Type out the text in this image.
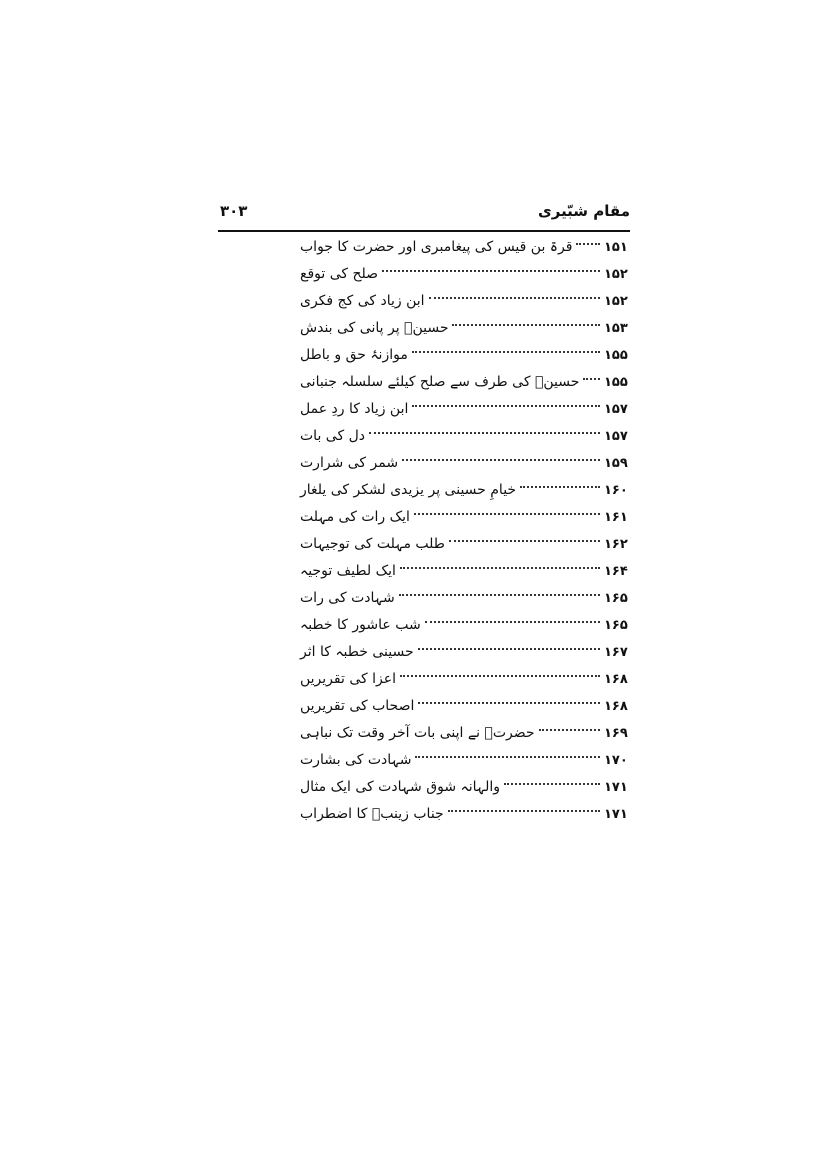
مقام شبّیری
۳۰۳
قرۃ بن قیس کی پیغامبری اور حضرت کا جواب ۱۵۱
صلح کی توقع	۱۵۲
ابن زیاد کی کج فکری	۱۵۲
حسینؑ پر پانی کی بندش	۱۵۳
موازنۂ حق و باطل	۱۵۵
حسینؑ کی طرف سے صلح کیلئے سلسلہ جنبانی ۱۵۵
ابن زیاد کا ردِ عمل	۱۵۷
دل کی بات	۱۵۷
شمر کی شرارت	۱۵۹
خیامِ حسینی پر یزیدی لشکر کی یلغار	۱۶۰
ایک رات کی مہلت	۱۶۱
طلب مہلت کی توجیہات	۱۶۲
ایک لطیف توجیہ	۱۶۴
شہادت کی رات	۱۶۵
شب عاشور کا خطبہ	۱۶۵
حسینی خطبہ کا اثر	۱۶۷
اعزا کی تقریریں	۱۶۸
اصحاب کی تقریریں	۱۶۸
حضرتؑ نے اپنی بات آخر وقت تک نباہی	۱۶۹
شہادت کی بشارت	۱۷۰
والہانہ شوق شہادت کی ایک مثال	۱۷۱
جناب زینبؑ کا اضطراب	۱۷۱
